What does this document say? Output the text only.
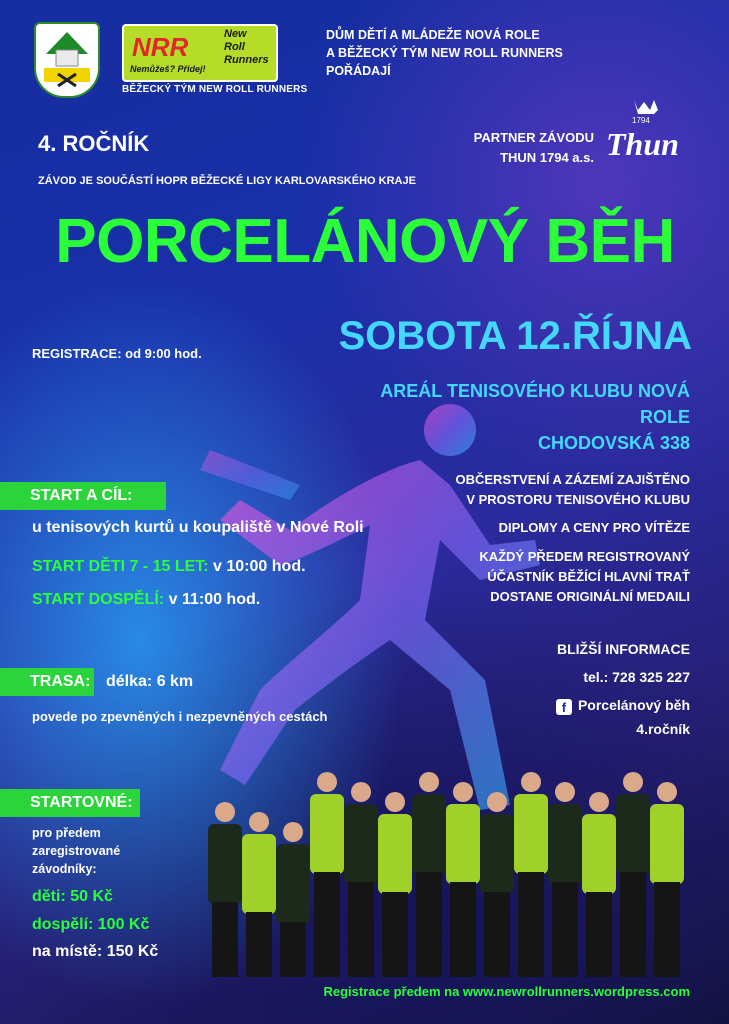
NRR	New
Roll
Runners
Nemůžeš? Přidej!
BĚŽECKÝ TÝM NEW ROLL RUNNERS
DŮM DĚTÍ A MLÁDEŽE NOVÁ ROLE
A BĚŽECKÝ TÝM NEW ROLL RUNNERS
POŘÁDAJÍ
4. ROČNÍK
ZÁVOD JE SOUČÁSTÍ HOPR BĚŽECKÉ LIGY KARLOVARSKÉHO KRAJE
PARTNER ZÁVODU
THUN 1794 a.s.
1794
Thun
PORCELÁNOVÝ BĚH
SOBOTA 12.ŘÍJNA
REGISTRACE: od 9:00 hod.
AREÁL TENISOVÉHO KLUBU NOVÁ ROLE
CHODOVSKÁ 338
START A CÍL:
u tenisových kurtů u koupaliště v Nové Roli
START DĚTI 7 - 15 LET: v 10:00 hod.
START DOSPĚLÍ: v 11:00 hod.
TRASA: délka: 6 km
povede po zpevněných i nezpevněných cestách
STARTOVNÉ:
pro předem
zaregistrované
závodníky:
děti: 50 Kč
dospělí: 100 Kč
na místě: 150 Kč
OBČERSTVENÍ A ZÁZEMÍ ZAJIŠTĚNO
V PROSTORU TENISOVÉHO KLUBU
DIPLOMY A CENY PRO VÍTĚZE
KAŽDÝ PŘEDEM REGISTROVANÝ
ÚČASTNÍK BĚŽÍCÍ HLAVNÍ TRAŤ
DOSTANE ORIGINÁLNÍ MEDAILI
BLIŽŠÍ INFORMACE
tel.: 728 325 227
f Porcelánový běh
4.ročník
Registrace předem na www.newrollrunners.wordpress.com
